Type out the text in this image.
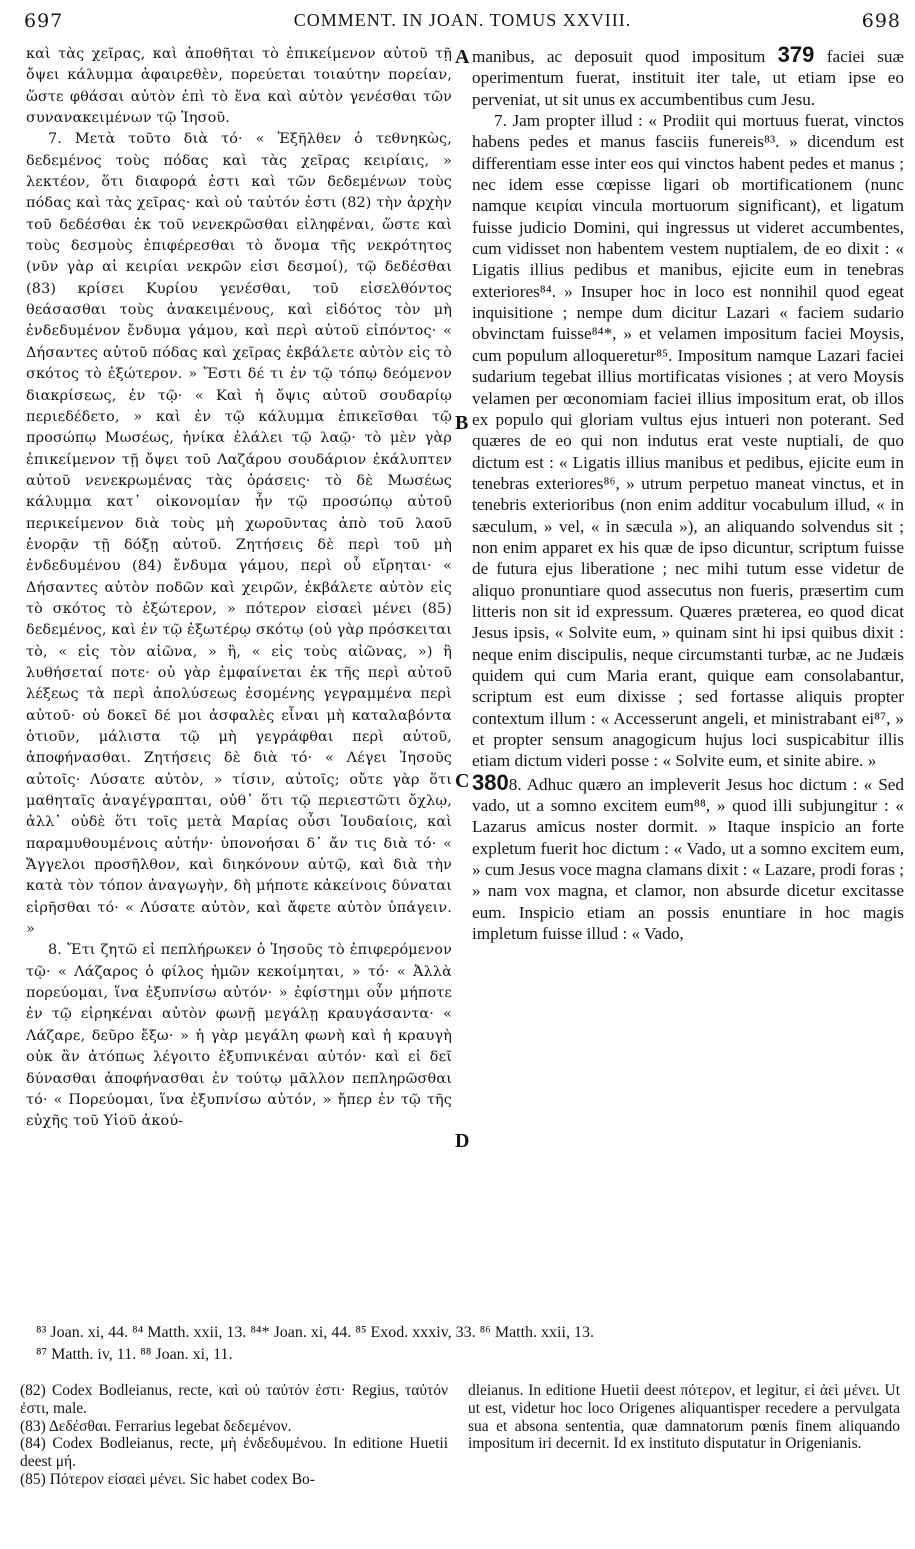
697	COMMENT. IN JOAN. TOMUS XXVIII.	698

καὶ τὰς χεῖρας, καὶ ἀποθῆται τὸ ἐπικείμενον αὐτοῦ τῇ ὄψει κάλυμμα ἀφαιρεθὲν, πορεύεται τοιαύτην πορείαν, ὥστε φθάσαι αὐτὸν ἐπὶ τὸ ἕνα καὶ αὐτὸν γενέσθαι τῶν συνανακειμένων τῷ Ἰησοῦ.

7. Μετὰ τοῦτο διὰ τό· « Ἐξῆλθεν ὁ τεθνηκὼς, δεδεμένος τοὺς πόδας καὶ τὰς χεῖρας κειρίαις, » λεκτέον, ὅτι διαφορά ἐστι καὶ τῶν δεδεμένων τοὺς πόδας καὶ τὰς χεῖρας· καὶ οὐ ταὐτόν ἐστι (82) τὴν ἀρχὴν τοῦ δεδέσθαι ἐκ τοῦ νενεκρῶσθαι εἰληφέναι, ὥστε καὶ τοὺς δεσμοὺς ἐπιφέρεσθαι τὸ ὄνομα τῆς νεκρότητος (νῦν γὰρ αἱ κειρίαι νεκρῶν εἰσι δεσμοί), τῷ δεδέσθαι (83) κρίσει Κυρίου γενέσθαι, τοῦ εἰσελθόντος θεάσασθαι τοὺς ἀνακειμένους, καὶ εἰδότος τὸν μὴ ἐνδεδυμένον ἔνδυμα γάμου, καὶ περὶ αὐτοῦ εἰπόντος· « Δήσαντες αὐτοῦ πόδας καὶ χεῖρας ἐκβάλετε αὐτὸν εἰς τὸ σκότος τὸ ἐξώτερον. » Ἔστι δέ τι ἐν τῷ τόπῳ δεόμενον διακρίσεως, ἐν τῷ· « Καὶ ἡ ὄψις αὐτοῦ σουδαρίῳ περιεδέδετο, » καὶ ἐν τῷ κάλυμμα ἐπικεῖσθαι τῷ προσώπῳ Μωσέως, ἡνίκα ἐλάλει τῷ λαῷ· τὸ μὲν γὰρ ἐπικείμενον τῇ ὄψει τοῦ Λαζάρου σουδάριον ἐκάλυπτεν αὐτοῦ νενεκρωμένας τὰς ὁράσεις· τὸ δὲ Μωσέως κάλυμμα κατ᾽ οἰκονομίαν ἦν τῷ προσώπῳ αὐτοῦ περικείμενον διὰ τοὺς μὴ χωροῦντας ἀπὸ τοῦ λαοῦ ἐνορᾷν τῇ δόξῃ αὐτοῦ. Ζητήσεις δὲ περὶ τοῦ μὴ ἐνδεδυμένου (84) ἔνδυμα γάμου, περὶ οὗ εἴρηται· « Δήσαντες αὐτὸν ποδῶν καὶ χειρῶν, ἐκβάλετε αὐτὸν εἰς τὸ σκότος τὸ ἐξώτερον, » πότερον εἰσαεὶ μένει (85) δεδεμένος, καὶ ἐν τῷ ἐξωτέρῳ σκότῳ (οὐ γὰρ πρόσκειται τὸ, « εἰς τὸν αἰῶνα, » ἢ, « εἰς τοὺς αἰῶνας, ») ἢ λυθήσεταί ποτε· οὐ γὰρ ἐμφαίνεται ἐκ τῆς περὶ αὐτοῦ λέξεως τὰ περὶ ἀπολύσεως ἐσομένης γεγραμμένα περὶ αὐτοῦ· οὐ δοκεῖ δέ μοι ἀσφαλὲς εἶναι μὴ καταλαβόντα ὁτιοῦν, μάλιστα τῷ μὴ γεγράφθαι περὶ αὐτοῦ, ἀποφήνασθαι. Ζητήσεις δὲ διὰ τό· « Λέγει Ἰησοῦς αὐτοῖς· Λύσατε αὐτὸν, » τίσιν, αὐτοῖς; οὔτε γὰρ ὅτι μαθηταῖς ἀναγέγραπται, οὐθ᾽ ὅτι τῷ περιεστῶτι ὄχλῳ, ἀλλ᾽ οὐδὲ ὅτι τοῖς μετὰ Μαρίας οὖσι Ἰουδαίοις, καὶ παραμυθουμένοις αὐτήν· ὑπονοήσαι δ᾽ ἄν τις διὰ τό· « Ἄγγελοι προσῆλθον, καὶ διηκόνουν αὐτῷ, καὶ διὰ τὴν κατὰ τὸν τόπον ἀναγωγὴν, δὴ μήποτε κἀκείνοις δύναται εἰρῆσθαι τό· « Λύσατε αὐτὸν, καὶ ἄφετε αὐτὸν ὑπάγειν. »

8. Ἔτι ζητῶ εἰ πεπλήρωκεν ὁ Ἰησοῦς τὸ ἐπιφερόμενον τῷ· « Λάζαρος ὁ φίλος ἡμῶν κεκοίμηται, » τό· « Ἀλλὰ πορεύομαι, ἵνα ἐξυπνίσω αὐτόν· » ἐφίστημι οὖν μήποτε ἐν τῷ εἰρηκέναι αὐτὸν φωνῇ μεγάλῃ κραυγάσαντα· « Λάζαρε, δεῦρο ἔξω· » ἡ γὰρ μεγάλη φωνὴ καὶ ἡ κραυγὴ οὐκ ἂν ἀτόπως λέγοιτο ἐξυπνικέναι αὐτόν· καὶ εἰ δεῖ δύνασθαι ἀποφήνασθαι ἐν τούτῳ μᾶλλον πεπληρῶσθαι τό· « Πορεύομαι, ἵνα ἐξυπνίσω αὐτόν, » ἤπερ ἐν τῷ τῆς εὐχῆς τοῦ Υἱοῦ ἀκού-

A
B
C
D

manibus, ac deposuit quod impositum 379 faciei suæ operimentum fuerat, instituit iter tale, ut etiam ipse eo perveniat, ut sit unus ex accumbentibus cum Jesu.

7. Jam propter illud : « Prodiit qui mortuus fuerat, vinctos habens pedes et manus fasciis funereis⁸³. » dicendum est differentiam esse inter eos qui vinctos habent pedes et manus ; nec idem esse cœpisse ligari ob mortificationem (nunc namque κειρίαι vincula mortuorum significant), et ligatum fuisse judicio Domini, qui ingressus ut videret accumbentes, cum vidisset non habentem vestem nuptialem, de eo dixit : « Ligatis illius pedibus et manibus, ejicite eum in tenebras exteriores⁸⁴. » Insuper hoc in loco est nonnihil quod egeat inquisitione ; nempe dum dicitur Lazari « faciem sudario obvinctam fuisse⁸⁴*, » et velamen impositum faciei Moysis, cum populum alloqueretur⁸⁵. Impositum namque Lazari faciei sudarium tegebat illius mortificatas visiones ; at vero Moysis velamen per œconomiam faciei illius impositum erat, ob illos ex populo qui gloriam vultus ejus intueri non poterant. Sed quæres de eo qui non indutus erat veste nuptiali, de quo dictum est : « Ligatis illius manibus et pedibus, ejicite eum in tenebras exteriores⁸⁶, » utrum perpetuo maneat vinctus, et in tenebris exterioribus (non enim additur vocabulum illud, « in sæculum, » vel, « in sæcula »), an aliquando solvendus sit ; non enim apparet ex his quæ de ipso dicuntur, scriptum fuisse de futura ejus liberatione ; nec mihi tutum esse videtur de aliquo pronuntiare quod assecutus non fueris, præsertim cum litteris non sit id expressum. Quæres præterea, eo quod dicat Jesus ipsis, « Solvite eum, » quinam sint hi ipsi quibus dixit : neque enim discipulis, neque circumstanti turbæ, ac ne Judæis quidem qui cum Maria erant, quique eam consolabantur, scriptum est eum dixisse ; sed fortasse aliquis propter contextum illum : « Accesserunt angeli, et ministrabant ei⁸⁷, » et propter sensum anagogicum hujus loci suspicabitur illis etiam dictum videri posse : « Solvite eum, et sinite abire. »

3808. Adhuc quæro an impleverit Jesus hoc dictum : « Sed vado, ut a somno excitem eum⁸⁸, » quod illi subjungitur : « Lazarus amicus noster dormit. » Itaque inspicio an forte expletum fuerit hoc dictum : « Vado, ut a somno excitem eum, » cum Jesus voce magna clamans dixit : « Lazare, prodi foras ; » nam vox magna, et clamor, non absurde dicetur excitasse eum. Inspicio etiam an possis enuntiare in hoc magis impletum fuisse illud : « Vado,

⁸³ Joan. xi, 44. ⁸⁴ Matth. xxii, 13. ⁸⁴* Joan. xi, 44. ⁸⁵ Exod. xxxiv, 33. ⁸⁶ Matth. xxii, 13.
⁸⁷ Matth. iv, 11. ⁸⁸ Joan. xi, 11.

(82) Codex Bodleianus, recte, καὶ οὐ ταὐτόν ἐστι· Regius, ταὐτόν ἐστι, male.

(83) Δεδέσθαι. Ferrarius legebat δεδεμένον.

(84) Codex Bodleianus, recte, μὴ ἐνδεδυμένου. In editione Huetii deest μή.

(85) Πότερον εἰσαεὶ μένει. Sic habet codex Bo-

dleianus. In editione Huetii deest πότερον, et legitur, εἰ ἀεὶ μένει. Ut ut est, videtur hoc loco Origenes aliquantisper recedere a pervulgata sua et absona sententia, quæ damnatorum pœnis finem aliquando impositum iri decernit. Id ex instituto disputatur in Origenianis.
